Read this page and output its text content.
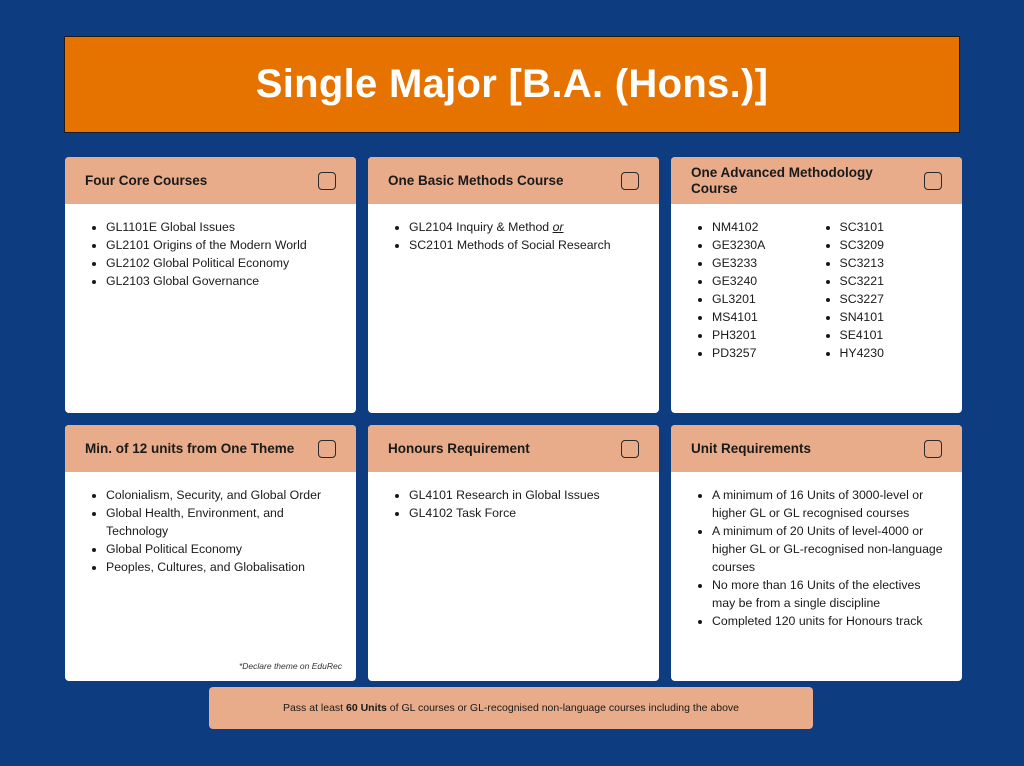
Single Major [B.A. (Hons.)]
Four Core Courses
• GL1101E Global Issues
• GL2101 Origins of the Modern World
• GL2102 Global Political Economy
• GL2103 Global Governance
One Basic Methods Course
• GL2104 Inquiry & Method or
• SC2101 Methods of Social Research
One Advanced Methodology Course
• NM4102
• GE3230A
• GE3233
• GE3240
• GL3201
• MS4101
• PH3201
• PD3257
• SC3101
• SC3209
• SC3213
• SC3221
• SC3227
• SN4101
• SE4101
• HY4230
Min. of 12 units from One Theme
• Colonialism, Security, and Global Order
• Global Health, Environment, and Technology
• Global Political Economy
• Peoples, Cultures, and Globalisation
*Declare theme on EduRec
Honours Requirement
• GL4101 Research in Global Issues
• GL4102 Task Force
Unit Requirements
• A minimum of 16 Units of 3000-level or higher GL or GL recognised courses
• A minimum of 20 Units of level-4000 or higher GL or GL-recognised non-language courses
• No more than 16 Units of the electives may be from a single discipline
• Completed 120 units for Honours track
Pass at least 60 Units of GL courses or GL-recognised non-language courses including the above
